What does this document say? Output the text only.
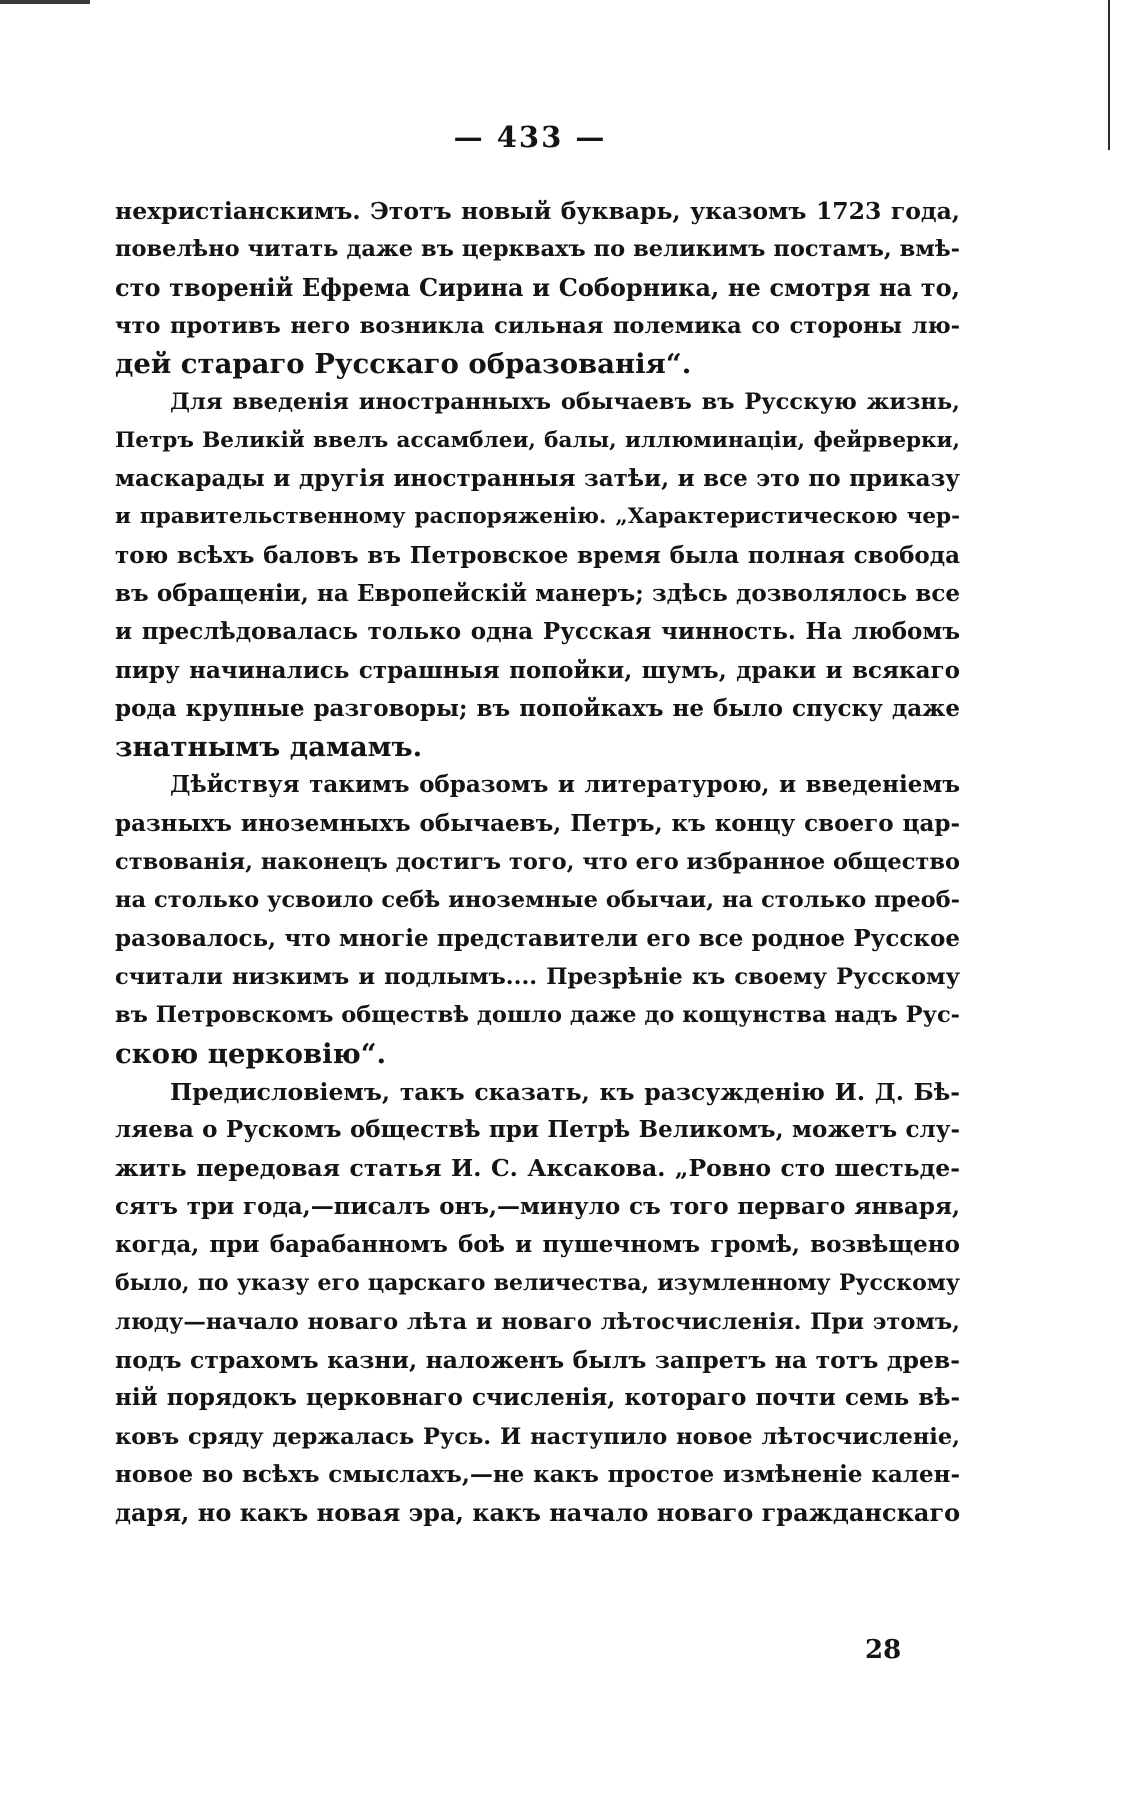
— 433 —
нехристіанскимъ. Этотъ новый букварь, указомъ 1723 года,
повелѣно читать даже въ церквахъ по великимъ постамъ, вмѣ-
сто твореній Ефрема Сирина и Соборника, не смотря на то,
что противъ него возникла сильная полемика со стороны лю-
дей стараго Русскаго образованія“.
Для введенія иностранныхъ обычаевъ въ Русскую жизнь,
Петръ Великій ввелъ ассамблеи, балы, иллюминаціи, фейрверки,
маскарады и другія иностранныя затѣи, и все это по приказу
и правительственному распоряженію. „Характеристическою чер-
тою всѣхъ баловъ въ Петровское время была полная свобода
въ обращеніи, на Европейскій манеръ; здѣсь дозволялось все
и преслѣдовалась только одна Русская чинность. На любомъ
пиру начинались страшныя попойки, шумъ, драки и всякаго
рода крупные разговоры; въ попойкахъ не было спуску даже
знатнымъ дамамъ.
Дѣйствуя такимъ образомъ и литературою, и введеніемъ
разныхъ иноземныхъ обычаевъ, Петръ, къ концу своего цар-
ствованія, наконецъ достигъ того, что его избранное общество
на столько усвоило себѣ иноземные обычаи, на столько преоб-
разовалось, что многіе представители его все родное Русское
считали низкимъ и подлымъ.... Презрѣніе къ своему Русскому
въ Петровскомъ обществѣ дошло даже до кощунства надъ Рус-
скою церковію“.
Предисловіемъ, такъ сказать, къ разсужденію И. Д. Бѣ-
ляева о Рускомъ обществѣ при Петрѣ Великомъ, можетъ слу-
жить передовая статья И. С. Аксакова. „Ровно сто шестьде-
сятъ три года,—писалъ онъ,—минуло съ того перваго января,
когда, при барабанномъ боѣ и пушечномъ громѣ, возвѣщено
было, по указу его царскаго величества, изумленному Русскому
люду—начало новаго лѣта и новаго лѣтосчисленія. При этомъ,
подъ страхомъ казни, наложенъ былъ запретъ на тотъ древ-
ній порядокъ церковнаго счисленія, котораго почти семь вѣ-
ковъ сряду держалась Русь. И наступило новое лѣтосчисленіе,
новое во всѣхъ смыслахъ,—не какъ простое измѣненіе кален-
даря, но какъ новая эра, какъ начало новаго гражданскаго
28
